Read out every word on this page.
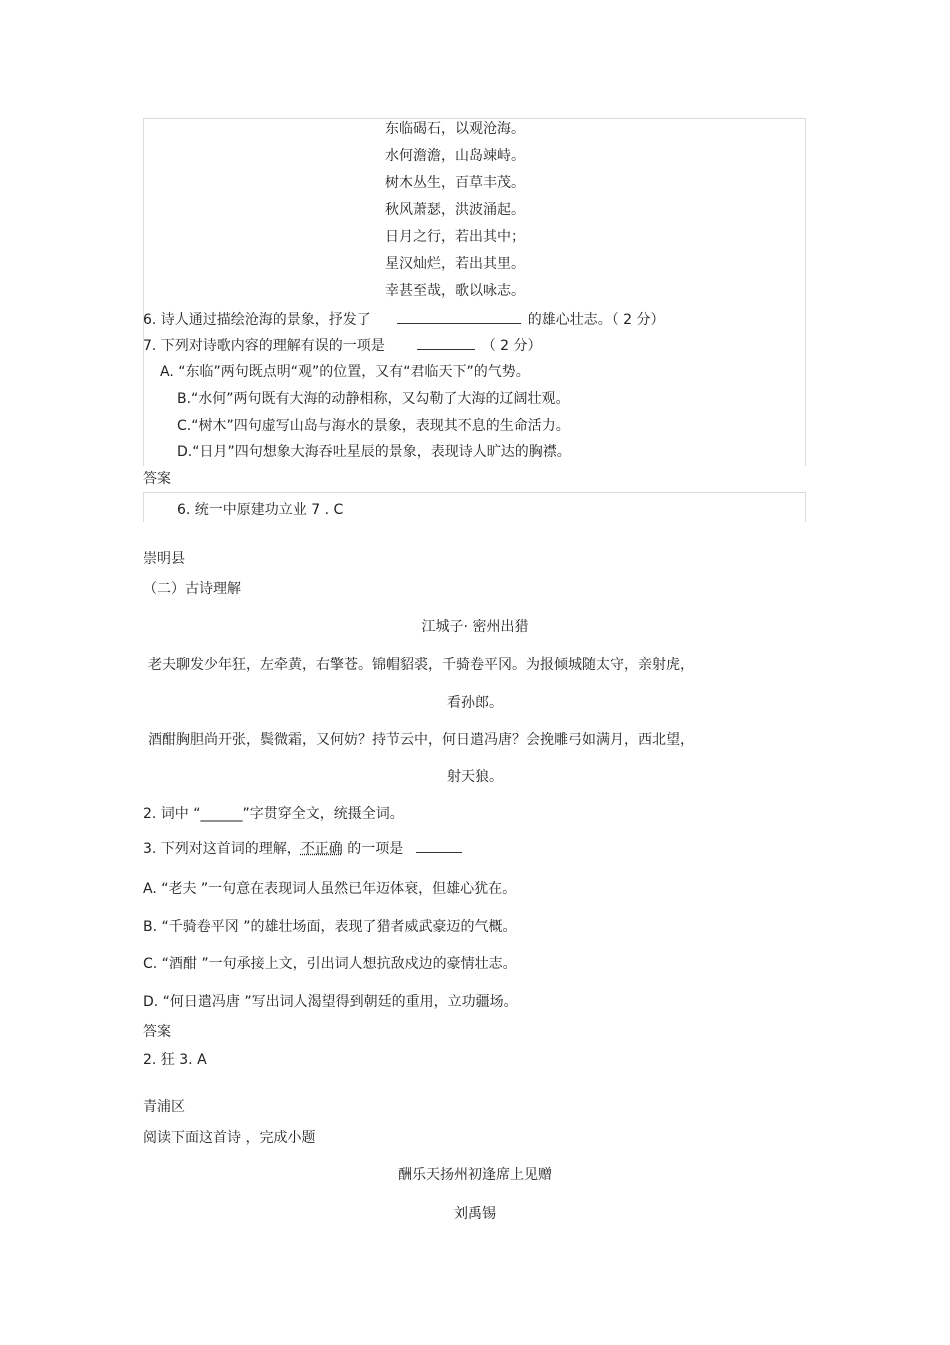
东临碣石，以观沧海。
水何澹澹，山岛竦峙。
树木丛生，百草丰茂。
秋风萧瑟，洪波涌起。
日月之行，若出其中；
星汉灿烂，若出其里。
幸甚至哉，歌以咏志。
6. 诗人通过描绘沧海的景象，抒发了	的雄心壮志。（ 2 分）
7. 下列对诗歌内容的理解有误的一项是	（ 2 分）
A. “东临”两句既点明“观”的位置，又有“君临天下”的气势。
B.“水何”两句既有大海的动静相称，又勾勒了大海的辽阔壮观。
C.“树木”四句虚写山岛与海水的景象，表现其不息的生命活力。
D.“日月”四句想象大海吞吐星辰的景象，表现诗人旷达的胸襟。
答案
6. 统一中原建功立业 7 . C
崇明县
（二）古诗理解
江城子· 密州出猎
老夫聊发少年狂，左牵黄，右擎苍。锦帽貂裘，千骑卷平冈。为报倾城随太守，亲射虎，
看孙郎。
酒酣胸胆尚开张，鬓微霜，又何妨？持节云中，何日遣冯唐？会挽雕弓如满月，西北望，
射天狼。
2. 词中 “______”字贯穿全文，统摄全词。
3. 下列对这首词的理解，不正确 的一项是
A. “老夫 ”一句意在表现词人虽然已年迈体衰，但雄心犹在。
B. “千骑卷平冈 ”的雄壮场面，表现了猎者威武豪迈的气概。
C. “酒酣 ”一句承接上文，引出词人想抗敌戍边的豪情壮志。
D. “何日遣冯唐 ”写出词人渴望得到朝廷的重用，立功疆场。
答案
2. 狂 3. A
青浦区
阅读下面这首诗 ，完成小题
酬乐天扬州初逢席上见赠
刘禹锡
